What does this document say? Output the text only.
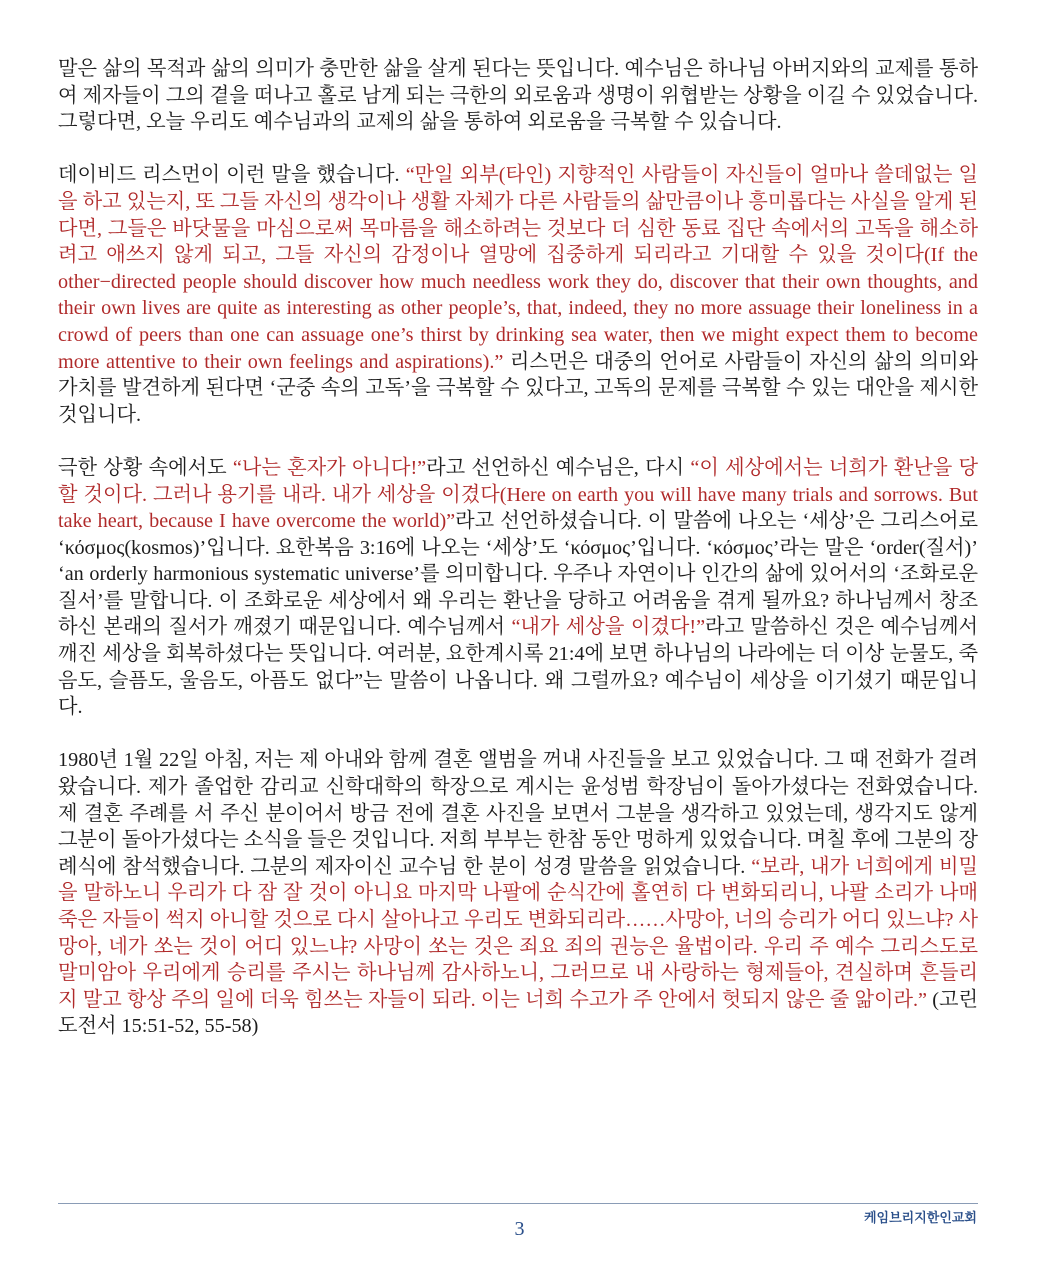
말은 삶의 목적과 삶의 의미가 충만한 삶을 살게 된다는 뜻입니다. 예수님은 하나님 아버지와의 교제를 통하여 제자들이 그의 곁을 떠나고 홀로 남게 되는 극한의 외로움과 생명이 위협받는 상황을 이길 수 있었습니다. 그렇다면, 오늘 우리도 예수님과의 교제의 삶을 통하여 외로움을 극복할 수 있습니다.

데이비드 리스먼이 이런 말을 했습니다. “만일 외부(타인) 지향적인 사람들이 자신들이 얼마나 쓸데없는 일을 하고 있는지, 또 그들 자신의 생각이나 생활 자체가 다른 사람들의 삶만큼이나 흥미롭다는 사실을 알게 된다면, 그들은 바닷물을 마심으로써 목마름을 해소하려는 것보다 더 심한 동료 집단 속에서의 고독을 해소하려고 애쓰지 않게 되고, 그들 자신의 감정이나 열망에 집중하게 되리라고 기대할 수 있을 것이다(If the other−directed people should discover how much needless work they do, discover that their own thoughts, and their own lives are quite as interesting as other people’s, that, indeed, they no more assuage their loneliness in a crowd of peers than one can assuage one’s thirst by drinking sea water, then we might expect them to become more attentive to their own feelings and aspirations).” 리스먼은 대중의 언어로 사람들이 자신의 삶의 의미와 가치를 발견하게 된다면 ‘군중 속의 고독’을 극복할 수 있다고, 고독의 문제를 극복할 수 있는 대안을 제시한 것입니다.

극한 상황 속에서도 “나는 혼자가 아니다!”라고 선언하신 예수님은, 다시 “이 세상에서는 너희가 환난을 당할 것이다. 그러나 용기를 내라. 내가 세상을 이겼다(Here on earth you will have many trials and sorrows. But take heart, because I have overcome the world)”라고 선언하셨습니다. 이 말씀에 나오는 ‘세상’은 그리스어로 ‘κόσμος(kosmos)’입니다. 요한복음 3:16에 나오는 ‘세상’도 ‘κόσμος’입니다. ‘κόσμος’라는 말은 ‘order(질서)’ ‘an orderly harmonious systematic universe’를 의미합니다. 우주나 자연이나 인간의 삶에 있어서의 ‘조화로운 질서’를 말합니다. 이 조화로운 세상에서 왜 우리는 환난을 당하고 어려움을 겪게 될까요? 하나님께서 창조하신 본래의 질서가 깨졌기 때문입니다. 예수님께서 “내가 세상을 이겼다!”라고 말씀하신 것은 예수님께서 깨진 세상을 회복하셨다는 뜻입니다. 여러분, 요한계시록 21:4에 보면 하나님의 나라에는 더 이상 눈물도, 죽음도, 슬픔도, 울음도, 아픔도 없다”는 말씀이 나옵니다. 왜 그럴까요? 예수님이 세상을 이기셨기 때문입니다.

1980년 1월 22일 아침, 저는 제 아내와 함께 결혼 앨범을 꺼내 사진들을 보고 있었습니다. 그 때 전화가 걸려 왔습니다. 제가 졸업한 감리교 신학대학의 학장으로 계시는 윤성범 학장님이 돌아가셨다는 전화였습니다. 제 결혼 주례를 서 주신 분이어서 방금 전에 결혼 사진을 보면서 그분을 생각하고 있었는데, 생각지도 않게 그분이 돌아가셨다는 소식을 들은 것입니다. 저희 부부는 한참 동안 멍하게 있었습니다. 며칠 후에 그분의 장례식에 참석했습니다. 그분의 제자이신 교수님 한 분이 성경 말씀을 읽었습니다. “보라, 내가 너희에게 비밀을 말하노니 우리가 다 잠 잘 것이 아니요 마지막 나팔에 순식간에 홀연히 다 변화되리니, 나팔 소리가 나매 죽은 자들이 썩지 아니할 것으로 다시 살아나고 우리도 변화되리라……사망아, 너의 승리가 어디 있느냐? 사망아, 네가 쏘는 것이 어디 있느냐? 사망이 쏘는 것은 죄요 죄의 권능은 율법이라. 우리 주 예수 그리스도로 말미암아 우리에게 승리를 주시는 하나님께 감사하노니, 그러므로 내 사랑하는 형제들아, 견실하며 흔들리지 말고 항상 주의 일에 더욱 힘쓰는 자들이 되라. 이는 너희 수고가 주 안에서 헛되지 않은 줄 앎이라.” (고린도전서 15:51-52, 55-58)

3	케임브리지한인교회
